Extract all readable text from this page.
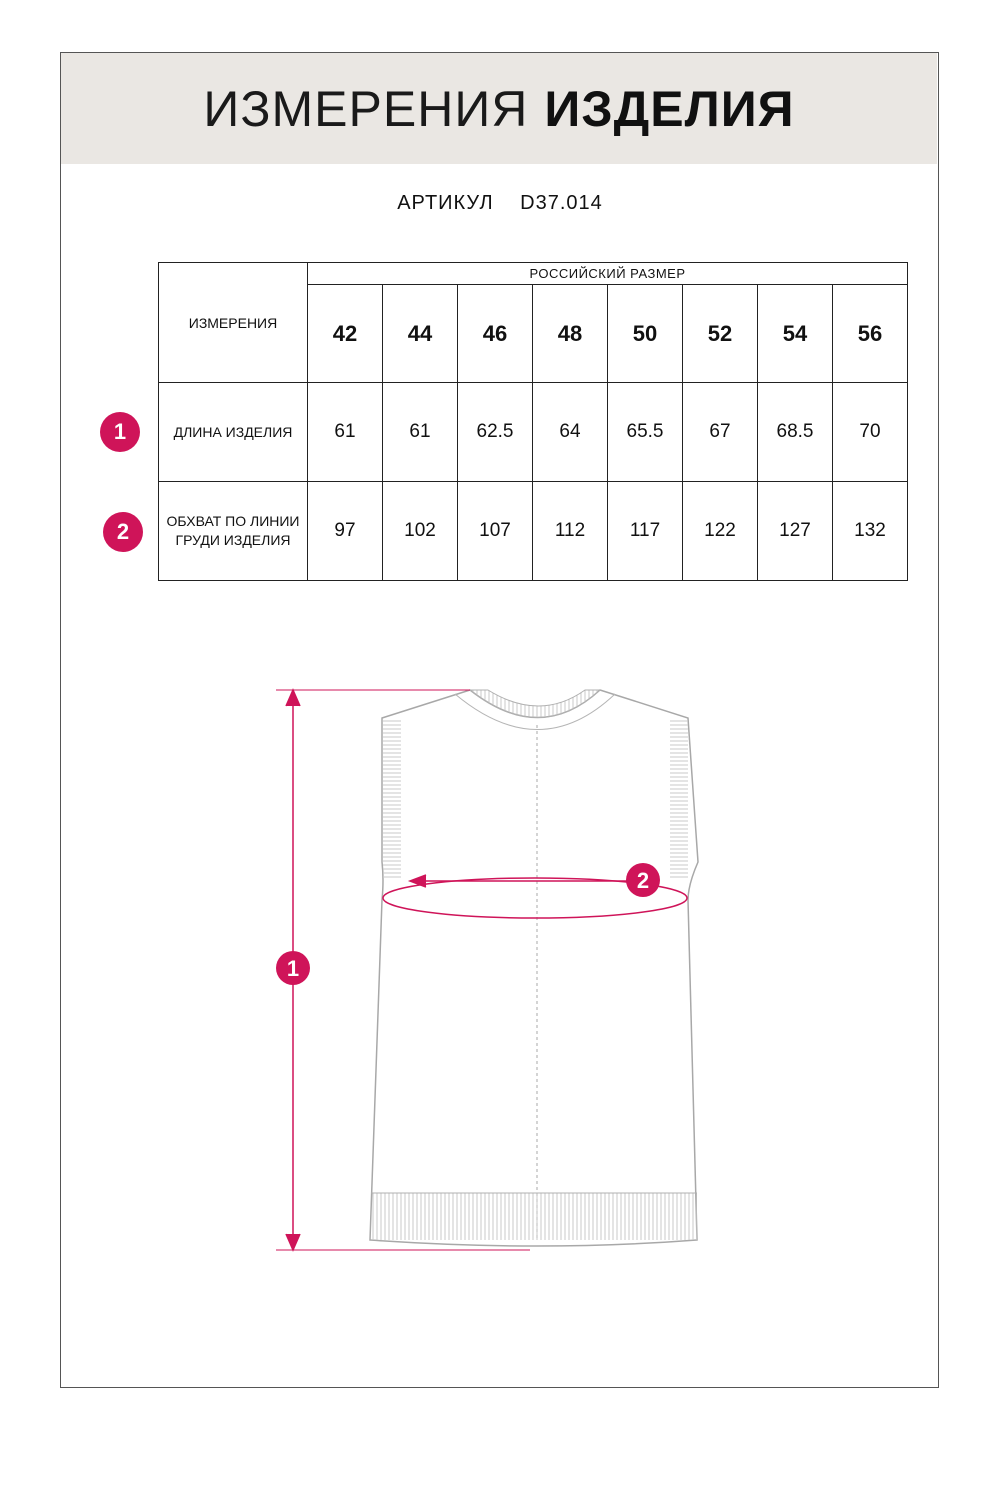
ИЗМЕРЕНИЯ ИЗДЕЛИЯ
АРТИКУЛ D37.014
ИЗМЕРЕНИЯ	РОССИЙСКИЙ РАЗМЕР							
	42	44	46	48	50	52	54	56
ДЛИНА ИЗДЕЛИЯ	61	61	62.5	64	65.5	67	68.5	70
ОБХВАТ ПО ЛИНИИ ГРУДИ ИЗДЕЛИЯ	97	102	107	112	117	122	127	132
1
2
1
2
